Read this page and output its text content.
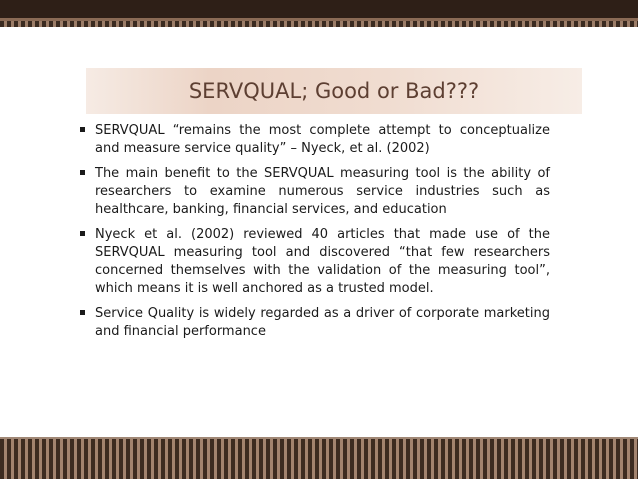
SERVQUAL; Good or Bad???
SERVQUAL “remains the most complete attempt to conceptualize and measure service quality” – Nyeck, et al. (2002)
The main benefit to the SERVQUAL measuring tool is the ability of researchers to examine numerous service industries such as healthcare, banking, financial services, and education
Nyeck et al. (2002) reviewed 40 articles that made use of the SERVQUAL measuring tool and discovered “that few researchers concerned themselves with the validation of the measuring tool”, which means it is well anchored as a trusted model.
Service Quality is widely regarded as a driver of corporate marketing and financial performance
